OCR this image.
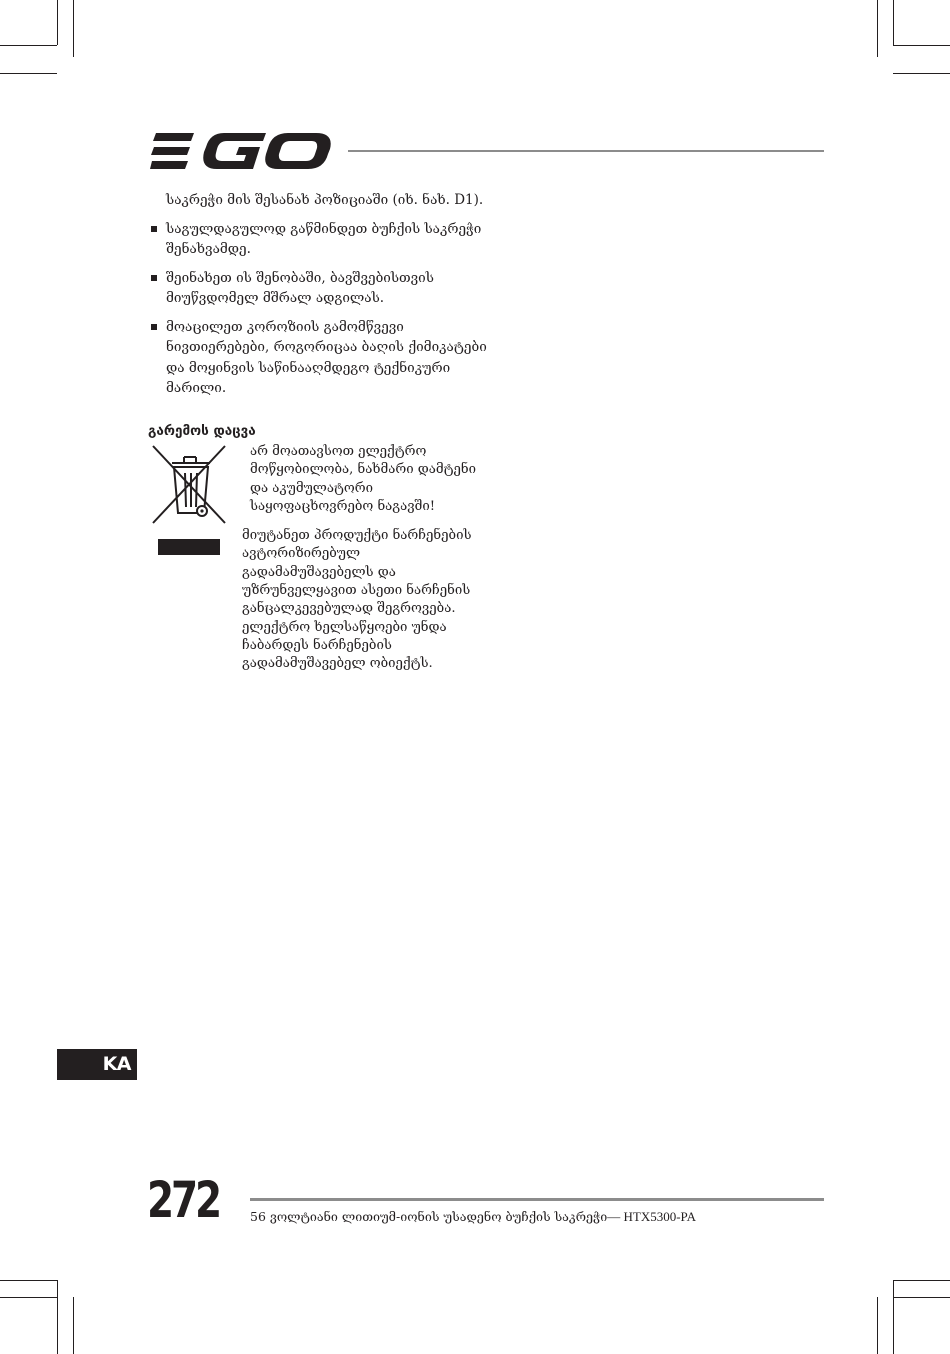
საკრეჭი მის შესანახ პოზიციაში (იხ. ნახ. D1).

საგულდაგულოდ გაწმინდეთ ბუჩქის საკრეჭი შენახვამდე.
შეინახეთ ის შენობაში, ბავშვებისთვის მიუწვდომელ მშრალ ადგილას.
მოაცილეთ კოროზიის გამომწვევი ნივთიერებები, როგორიცაა ბაღის ქიმიკატები და მოყინვის საწინააღმდეგო ტექნიკური მარილი.
გარემოს დაცვა

არ მოათავსოთ ელექტრო მოწყობილობა, ნახმარი დამტენი და აკუმულატორი საყოფაცხოვრებო ნაგავში!

მიუტანეთ პროდუქტი ნარჩენების ავტორიზირებულ გადამამუშავებელს და უზრუნველყავით ასეთი ნარჩენის განცალკევებულად შეგროვება. ელექტრო ხელსაწყოები უნდა ჩაბარდეს ნარჩენების გადამამუშავებელ ობიექტს.

KA
272 56 ვოლტიანი ლითიუმ-იონის უსადენო ბუჩქის საკრეჭი— HTX5300-PA
